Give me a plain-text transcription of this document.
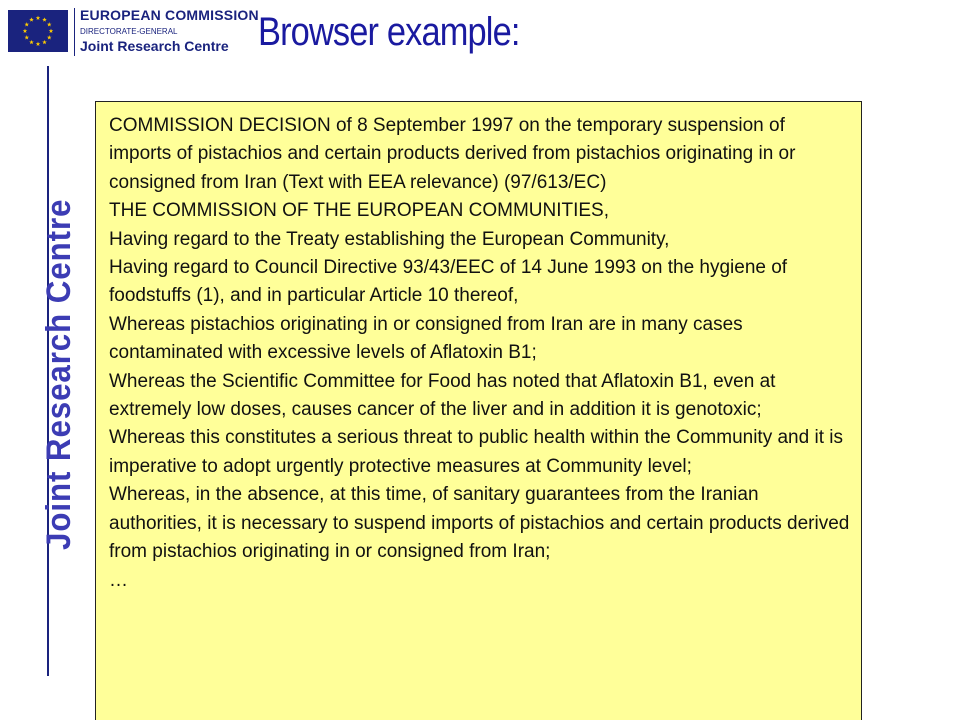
EUROPEAN COMMISSION
DIRECTORATE-GENERAL
Joint Research Centre Browser example:
Joint Research Centre

COMMISSION DECISION of 8 September 1997 on the temporary suspension of imports of pistachios and certain products derived from pistachios originating in or consigned from Iran (Text with EEA relevance) (97/613/EC)

THE COMMISSION OF THE EUROPEAN COMMUNITIES,

Having regard to the Treaty establishing the European Community,

Having regard to Council Directive 93/43/EEC of 14 June 1993 on the hygiene of foodstuffs (1), and in particular Article 10 thereof,

Whereas pistachios originating in or consigned from Iran are in many cases contaminated with excessive levels of Aflatoxin B1;

Whereas the Scientific Committee for Food has noted that Aflatoxin B1, even at extremely low doses, causes cancer of the liver and in addition it is genotoxic;

Whereas this constitutes a serious threat to public health within the Community and it is imperative to adopt urgently protective measures at Community level;

Whereas, in the absence, at this time, of sanitary guarantees from the Iranian authorities, it is necessary to suspend imports of pistachios and certain products derived from pistachios originating in or consigned from Iran;

…
